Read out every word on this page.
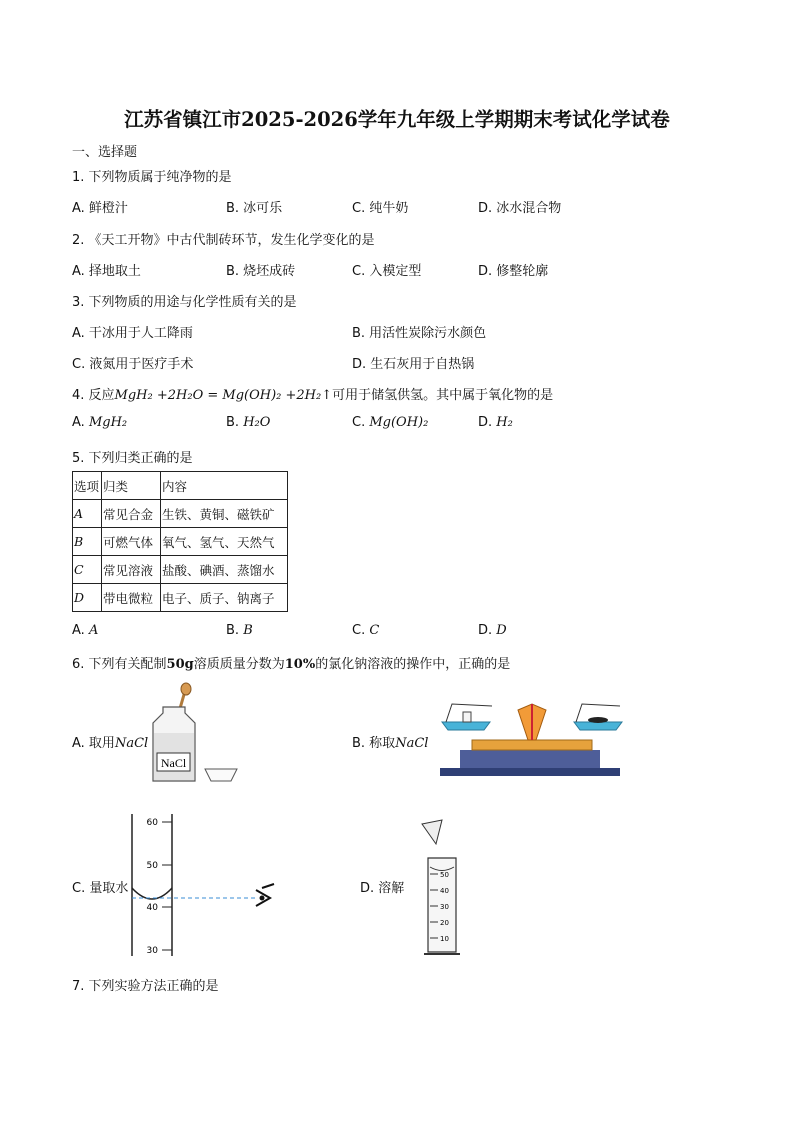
江苏省镇江市2025-2026学年九年级上学期期末考试化学试卷
一、选择题
1. 下列物质属于纯净物的是
A. 鲜橙汁	B. 冰可乐	C. 纯牛奶	D. 冰水混合物
2. 《天工开物》中古代制砖环节，发生化学变化的是
A. 择地取土	B. 烧坯成砖	C. 入模定型	D. 修整轮廓
3. 下列物质的用途与化学性质有关的是
A. 干冰用于人工降雨	B. 用活性炭除污水颜色
C. 液氮用于医疗手术	D. 生石灰用于自热锅
4. 反应MgH₂ +2H₂O = Mg(OH)₂ +2H₂↑可用于储氢供氢。其中属于氧化物的是
A. MgH₂	B. H₂O	C. Mg(OH)₂	D. H₂
5. 下列归类正确的是
选项	归类	内容
A	常见合金	生铁、黄铜、磁铁矿
B	可燃气体	氧气、氢气、天然气
C	常见溶液	盐酸、碘酒、蒸馏水
D	带电微粒	电子、质子、钠离子
A. A	B. B	C. C	D. D
6. 下列有关配制50g溶质质量分数为10%的氯化钠溶液的操作中，正确的是
A. 取用NaCl	B. 称取NaCl
C. 量取水	D. 溶解
NaCl
60
50
40
30
50
40
30
20
10
7. 下列实验方法正确的是
